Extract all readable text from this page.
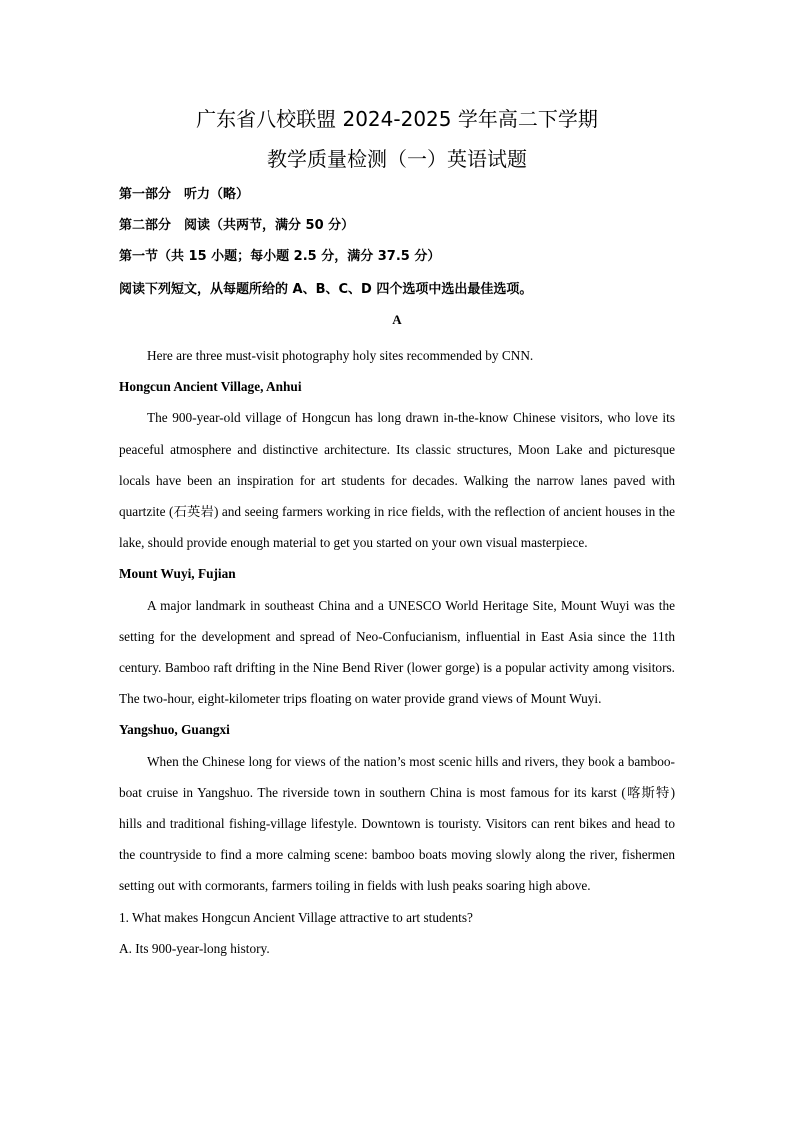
广东省八校联盟 2024-2025 学年高二下学期
教学质量检测（一）英语试题
第一部分　听力（略）
第二部分　阅读（共两节，满分 50 分）
第一节（共 15 小题；每小题 2.5 分，满分 37.5 分）
阅读下列短文，从每题所给的 A、B、C、D 四个选项中选出最佳选项。
A

Here are three must-visit photography holy sites recommended by CNN.

Hongcun Ancient Village, Anhui

The 900-year-old village of Hongcun has long drawn in-the-know Chinese visitors, who love its peaceful atmosphere and distinctive architecture. Its classic structures, Moon Lake and picturesque locals have been an inspiration for art students for decades. Walking the narrow lanes paved with quartzite (石英岩) and seeing farmers working in rice fields, with the reflection of ancient houses in the lake, should provide enough material to get you started on your own visual masterpiece.

Mount Wuyi, Fujian

A major landmark in southeast China and a UNESCO World Heritage Site, Mount Wuyi was the setting for the development and spread of Neo-Confucianism, influential in East Asia since the 11th century. Bamboo raft drifting in the Nine Bend River (lower gorge) is a popular activity among visitors. The two-hour, eight-kilometer trips floating on water provide grand views of Mount Wuyi.

Yangshuo, Guangxi

When the Chinese long for views of the nation’s most scenic hills and rivers, they book a bamboo-boat cruise in Yangshuo. The riverside town in southern China is most famous for its karst (喀斯特) hills and traditional fishing-village lifestyle. Downtown is touristy. Visitors can rent bikes and head to the countryside to find a more calming scene: bamboo boats moving slowly along the river, fishermen setting out with cormorants, farmers toiling in fields with lush peaks soaring high above.

1. What makes Hongcun Ancient Village attractive to art students?

A. Its 900-year-long history.
